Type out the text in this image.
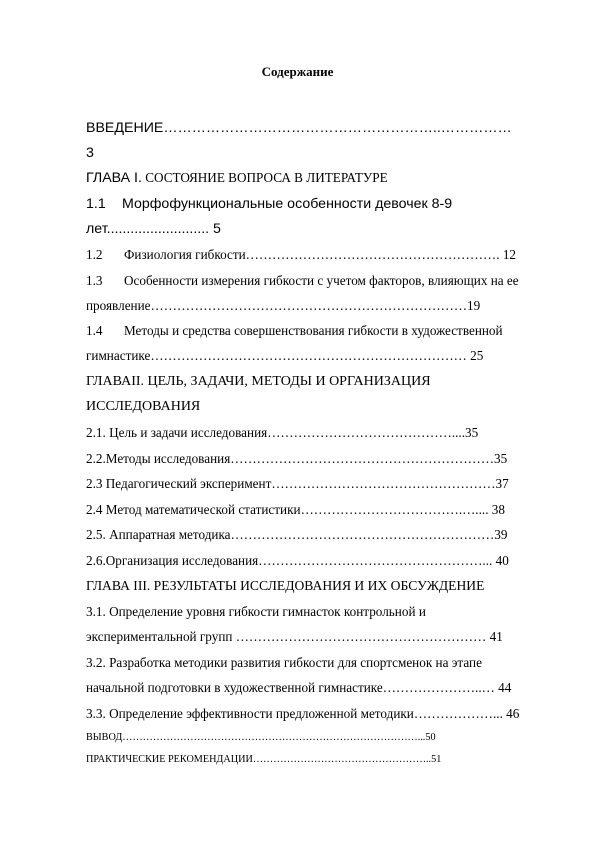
Содержание
ВВЕДЕНИЕ…………………………………………………..……………
3
ГЛАВА I. СОСТОЯНИЕ ВОПРОСА В ЛИТЕРАТУРЕ
1.1 Морфофункциональные особенности девочек 8-9
лет.......................... 5
1.2 Физиология гибкости…………………………………………………. 12
1.3 Особенности измерения гибкости с учетом факторов, влияющих на ее
проявление………………………………………………………………19
1.4 Методы и средства совершенствования гибкости в художественной
гимнастике……………………………………………………………… 25
ГЛАВАII. ЦЕЛЬ, ЗАДАЧИ, МЕТОДЫ И ОРГАНИЗАЦИЯ
ИССЛЕДОВАНИЯ
2.1. Цель и задачи исследования……………………………………....35
2.2.Методы исследования……………………………………………………35
2.3 Педагогический эксперимент……………………………………………37
2.4 Метод математической статистики……………………………….….... 38
2.5. Аппаратная методика……………………………………………………39
2.6.Организация исследования……………………………………………... 40
ГЛАВА III. РЕЗУЛЬТАТЫ ИССЛЕДОВАНИЯ И ИХ ОБСУЖДЕНИЕ
3.1. Определение уровня гибкости гимнасток контрольной и
экспериментальной групп ………………………………………………… 41
3.2. Разработка методики развития гибкости для спортсменок на этапе
начальной подготовки в художественной гимнастике…………………..… 44
3.3. Определение эффективности предложенной методики………………... 46
ВЫВОД……………………………………………………………………………...50
ПРАКТИЧЕСКИЕ РЕКОМЕНДАЦИИ……………………………………………..51
